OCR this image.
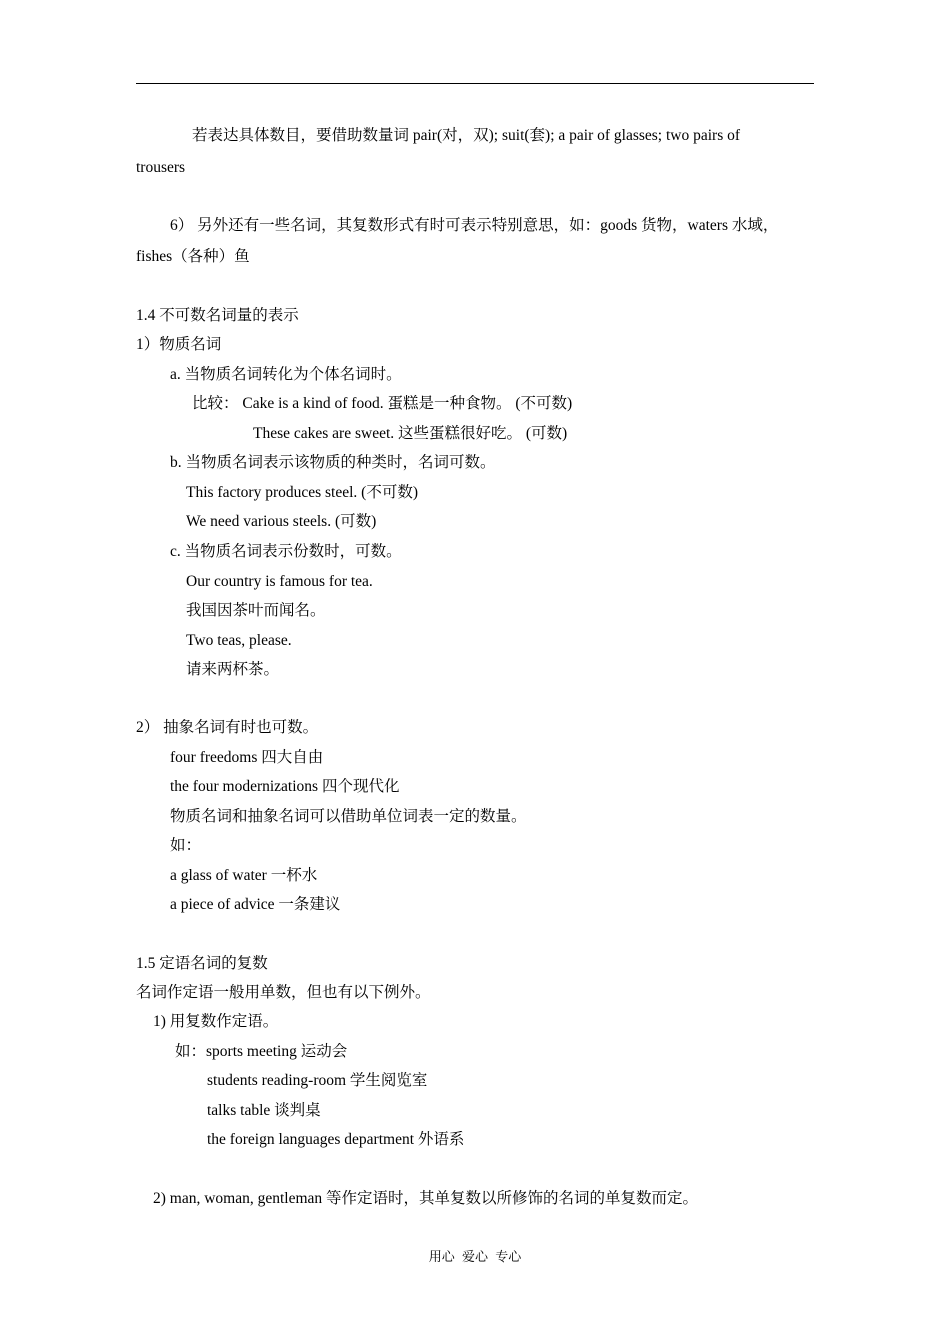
若表达具体数目，要借助数量词 pair(对，双); suit(套); a pair of glasses; two pairs of
trousers
6） 另外还有一些名词，其复数形式有时可表示特别意思，如：goods 货物，waters 水域，
fishes（各种）鱼
1.4 不可数名词量的表示
1）物质名词
a. 当物质名词转化为个体名词时。
比较： Cake is a kind of food. 蛋糕是一种食物。 (不可数)
These cakes are sweet. 这些蛋糕很好吃。 (可数)
b. 当物质名词表示该物质的种类时，名词可数。
This factory produces steel. (不可数)
We need various steels. (可数)
c. 当物质名词表示份数时，可数。
Our country is famous for tea.
我国因茶叶而闻名。
Two teas, please.
请来两杯茶。
2） 抽象名词有时也可数。
four freedoms 四大自由
the four modernizations 四个现代化
物质名词和抽象名词可以借助单位词表一定的数量。
如：
a glass of water 一杯水
a piece of advice 一条建议
1.5 定语名词的复数
名词作定语一般用单数，但也有以下例外。
1) 用复数作定语。
如：sports meeting 运动会
students reading-room 学生阅览室
talks table 谈判桌
the foreign languages department 外语系
2) man, woman, gentleman 等作定语时，其单复数以所修饰的名词的单复数而定。
用心 爱心 专心
